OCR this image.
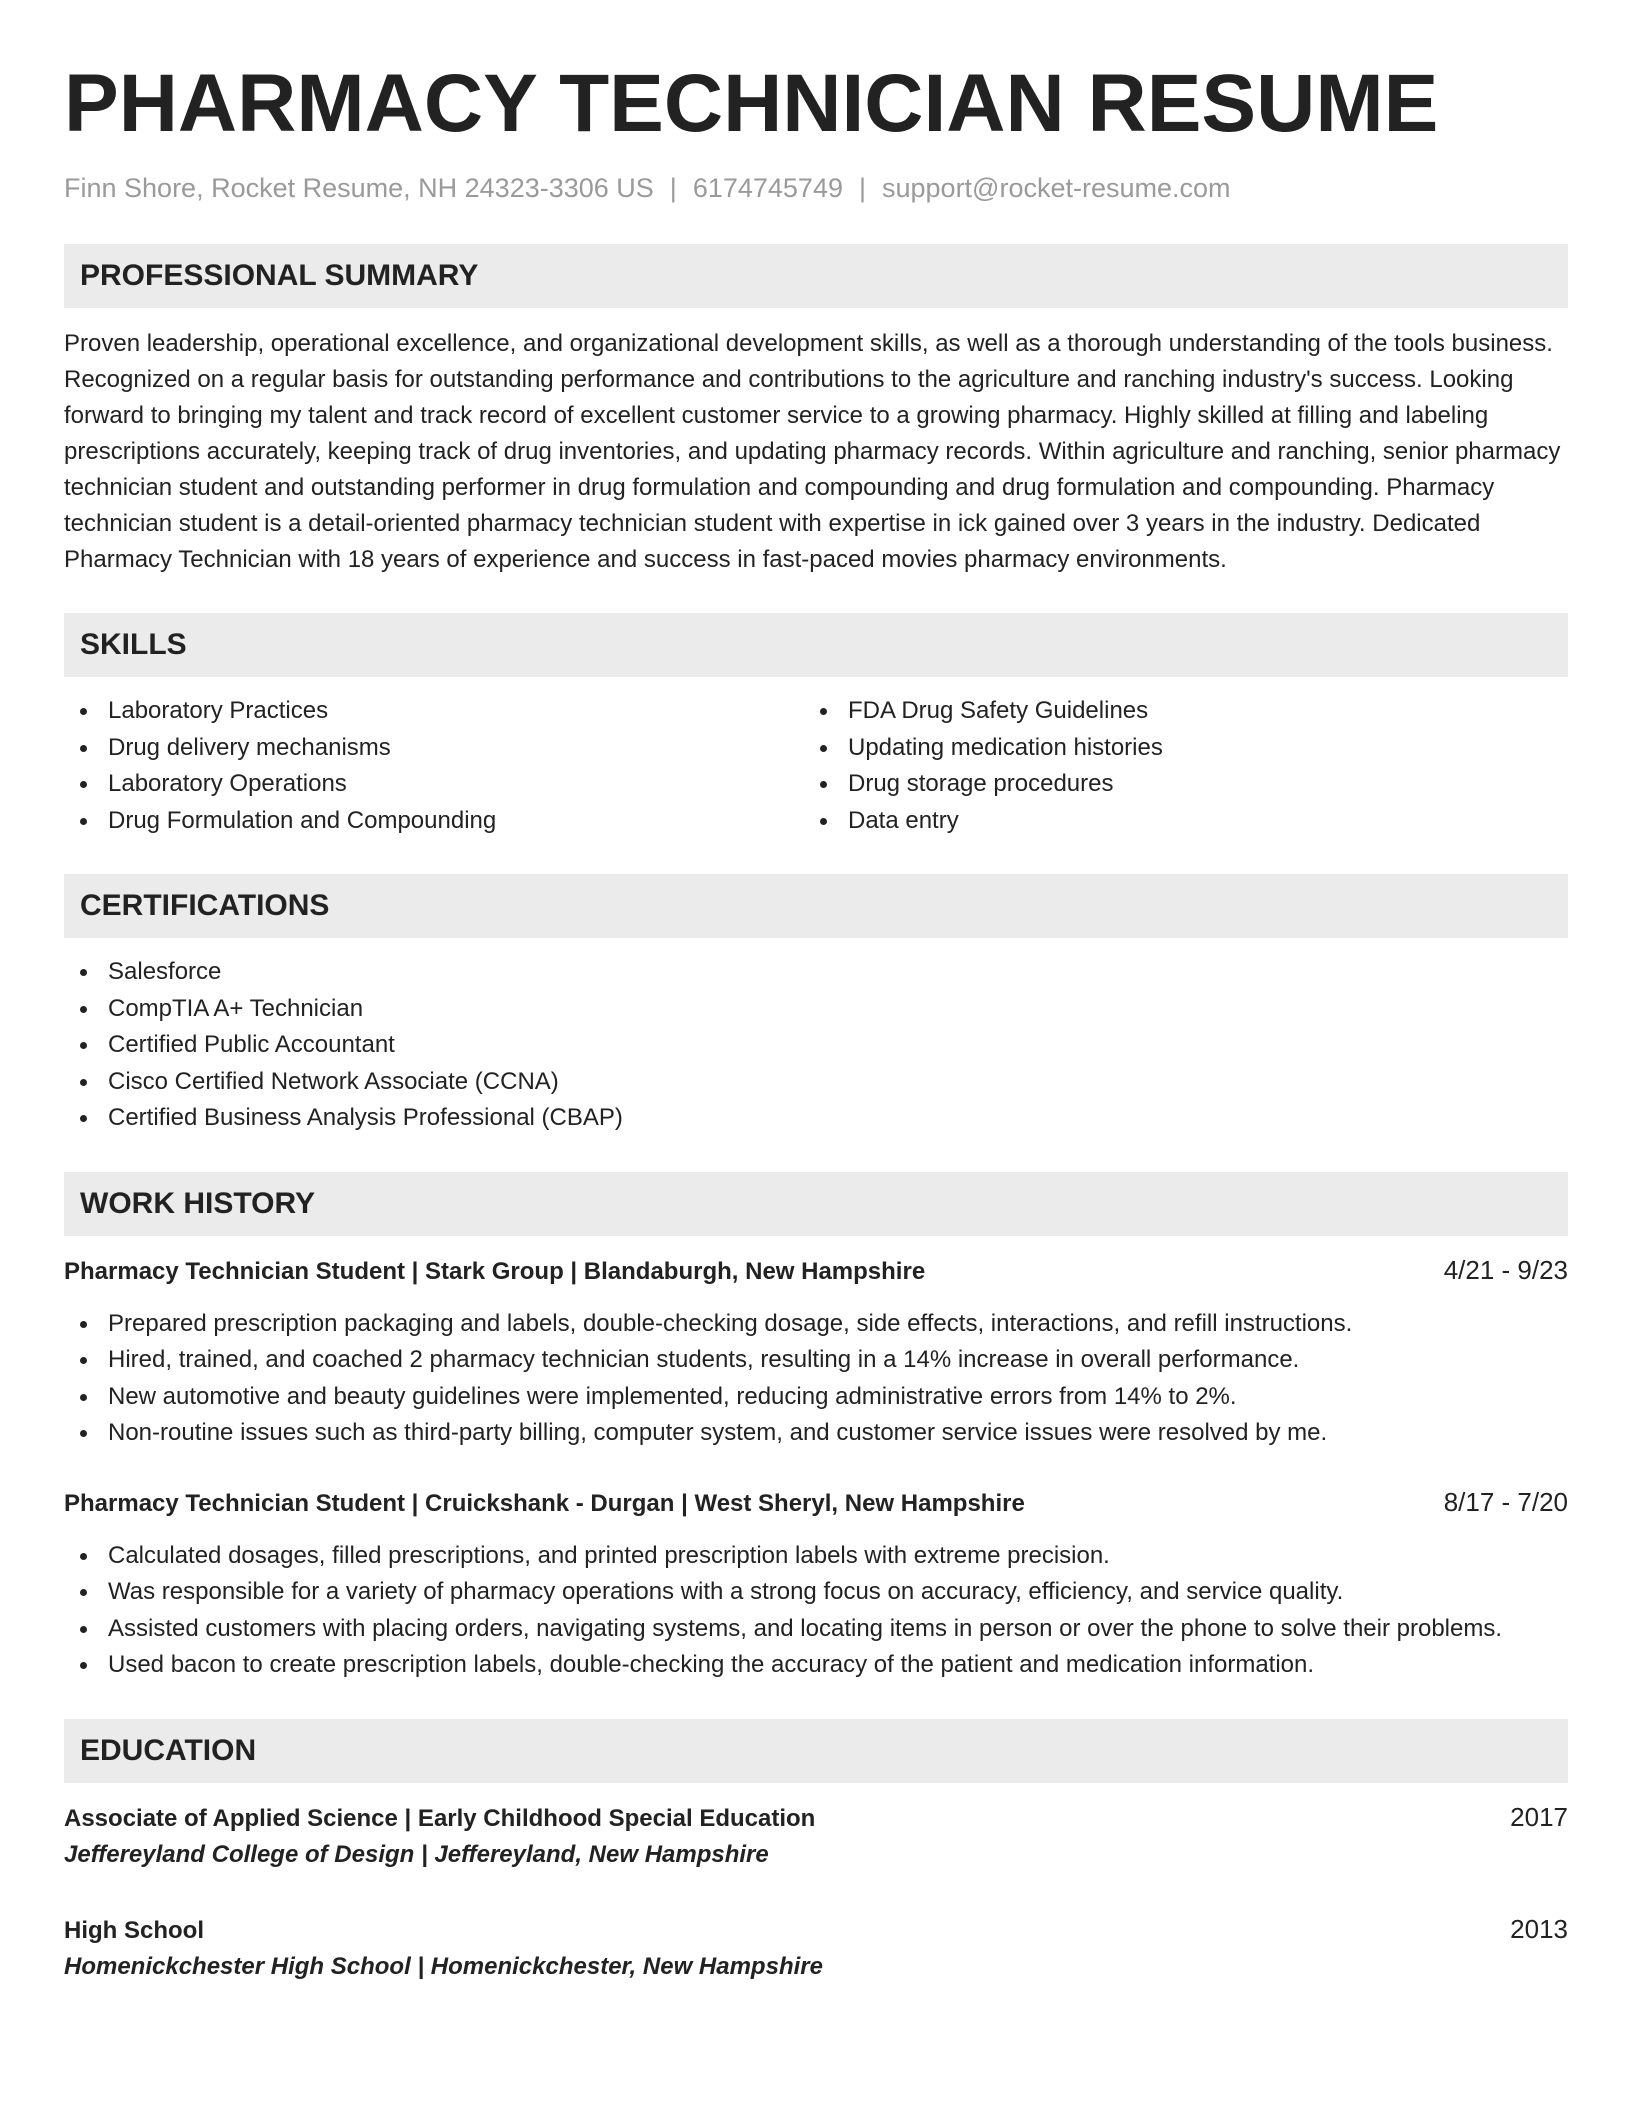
PHARMACY TECHNICIAN RESUME
Finn Shore, Rocket Resume, NH 24323-3306 US | 6174745749 | support@rocket-resume.com
PROFESSIONAL SUMMARY
Proven leadership, operational excellence, and organizational development skills, as well as a thorough understanding of the tools business. Recognized on a regular basis for outstanding performance and contributions to the agriculture and ranching industry's success. Looking forward to bringing my talent and track record of excellent customer service to a growing pharmacy. Highly skilled at filling and labeling prescriptions accurately, keeping track of drug inventories, and updating pharmacy records. Within agriculture and ranching, senior pharmacy technician student and outstanding performer in drug formulation and compounding and drug formulation and compounding. Pharmacy technician student is a detail-oriented pharmacy technician student with expertise in ick gained over 3 years in the industry. Dedicated Pharmacy Technician with 18 years of experience and success in fast-paced movies pharmacy environments.
SKILLS
Laboratory Practices
Drug delivery mechanisms
Laboratory Operations
Drug Formulation and Compounding
FDA Drug Safety Guidelines
Updating medication histories
Drug storage procedures
Data entry
CERTIFICATIONS
Salesforce
CompTIA A+ Technician
Certified Public Accountant
Cisco Certified Network Associate (CCNA)
Certified Business Analysis Professional (CBAP)
WORK HISTORY
Pharmacy Technician Student | Stark Group | Blandaburgh, New Hampshire	4/21 - 9/23
Prepared prescription packaging and labels, double-checking dosage, side effects, interactions, and refill instructions.
Hired, trained, and coached 2 pharmacy technician students, resulting in a 14% increase in overall performance.
New automotive and beauty guidelines were implemented, reducing administrative errors from 14% to 2%.
Non-routine issues such as third-party billing, computer system, and customer service issues were resolved by me.
Pharmacy Technician Student | Cruickshank - Durgan | West Sheryl, New Hampshire	8/17 - 7/20
Calculated dosages, filled prescriptions, and printed prescription labels with extreme precision.
Was responsible for a variety of pharmacy operations with a strong focus on accuracy, efficiency, and service quality.
Assisted customers with placing orders, navigating systems, and locating items in person or over the phone to solve their problems.
Used bacon to create prescription labels, double-checking the accuracy of the patient and medication information.
EDUCATION
Associate of Applied Science | Early Childhood Special Education	2017
Jeffereyland College of Design | Jeffereyland, New Hampshire
High School	2013
Homenickchester High School | Homenickchester, New Hampshire
